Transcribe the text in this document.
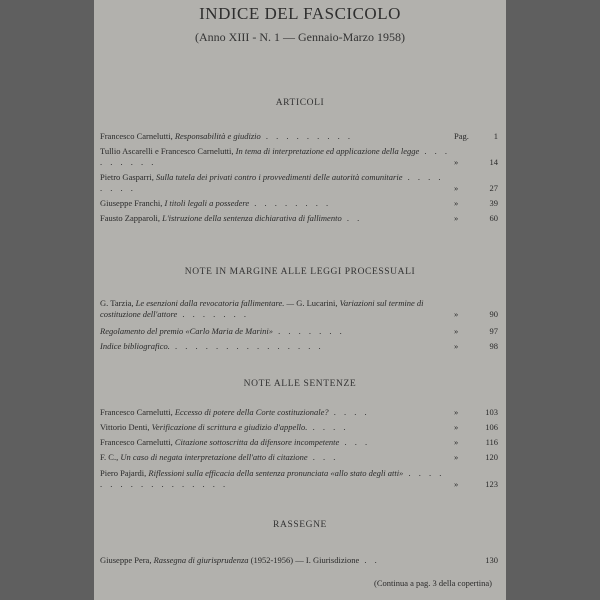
INDICE DEL FASCICOLO
(Anno XIII - N. 1 — Gennaio-Marzo 1958)
ARTICOLI
Francesco Carnelutti, Responsabilità e giudizio . . . . . . . . .	Pag.	1
Tullio Ascarelli e Francesco Carnelutti, In tema di interpretazione ed applicazione della legge . . . . . . . . .	»	14
Pietro Gasparri, Sulla tutela dei privati contro i provvedimenti delle autorità comunitarie . . . . . . . .	»	27
Giuseppe Franchi, I titoli legali a possedere . . . . . . . .	»	39
Fausto Zapparoli, L'istruzione della sentenza dichiarativa di fallimento . .	»	60
NOTE IN MARGINE ALLE LEGGI PROCESSUALI
G. Tarzia, Le esenzioni dalla revocatoria fallimentare. — G. Lucarini, Variazioni sul termine di costituzione dell'attore . . . . . . .	»	90
Regolamento del premio «Carlo Maria de Marini» . . . . . . .	»	97
Indice bibliografico. . . . . . . . . . . . . . . .	»	98
NOTE ALLE SENTENZE
Francesco Carnelutti, Eccesso di potere della Corte costituzionale? . . . .	»	103
Vittorio Denti, Verificazione di scrittura e giudizio d'appello. . . . .	»	106
Francesco Carnelutti, Citazione sottoscritta da difensore incompetente . . .	»	116
F. C., Un caso di negata interpretazione dell'atto di citazione . . .	»	120
Piero Pajardi, Riflessioni sulla efficacia della sentenza pronunciata «allo stato degli atti» . . . . . . . . . . . . . . . . .	»	123
RASSEGNE
Giuseppe Pera, Rassegna di giurisprudenza (1952-1956) — I. Giurisdizione . .	130
(Continua a pag. 3 della copertina)
